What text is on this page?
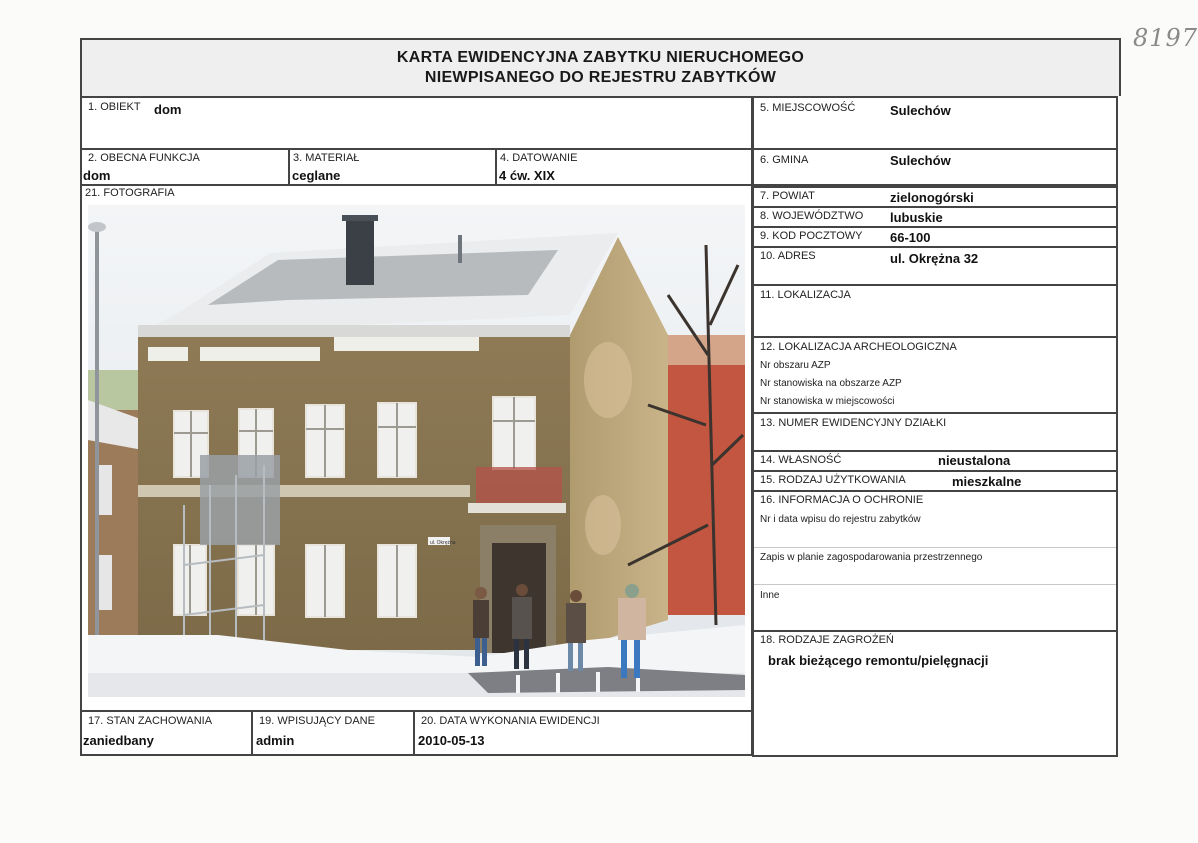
8197
KARTA EWIDENCYJNA ZABYTKU NIERUCHOMEGO
NIEWPISANEGO DO REJESTRU ZABYTKÓW
1. OBIEKT dom
2. OBECNA FUNKCJA
dom
3. MATERIAŁ
ceglane
4. DATOWANIE
4 ćw. XIX
21. FOTOGRAFIA
ul. Okrężna
5. MIEJSCOWOŚĆ	Sulechów
6. GMINA	Sulechów
7. POWIAT	zielonogórski
8. WOJEWÓDZTWO lubuskie
9. KOD POCZTOWY 66-100
10. ADRES	ul. Okrężna 32
11. LOKALIZACJA
12. LOKALIZACJA ARCHEOLOGICZNA
Nr obszaru AZP
Nr stanowiska na obszarze AZP
Nr stanowiska w miejscowości
13. NUMER EWIDENCYJNY DZIAŁKI
14. WŁASNOŚĆ	nieustalona
15. RODZAJ UŻYTKOWANIA	mieszkalne
16. INFORMACJA O OCHRONIE
Nr i data wpisu do rejestru zabytków
Zapis w planie zagospodarowania przestrzennego
Inne
18. RODZAJE ZAGROŻEŃ
brak bieżącego remontu/pielęgnacji
17. STAN ZACHOWANIA
zaniedbany
19. WPISUJĄCY DANE
admin
20. DATA WYKONANIA EWIDENCJI
2010-05-13
